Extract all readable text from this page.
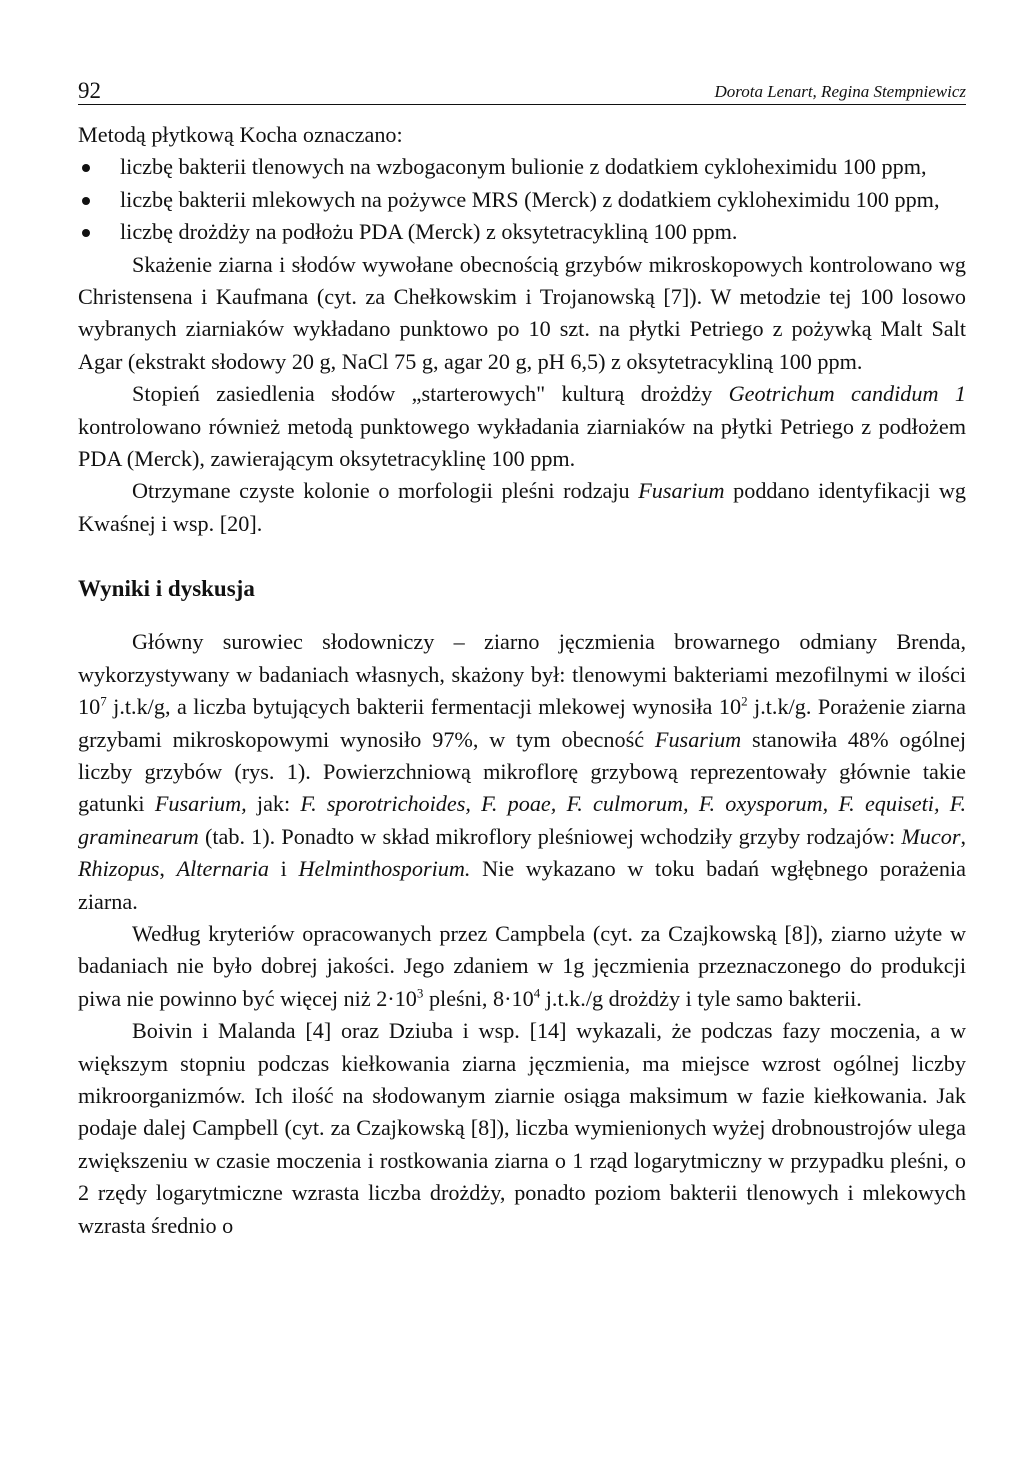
92	Dorota Lenart, Regina Stempniewicz

Metodą płytkową Kocha oznaczano:

liczbę bakterii tlenowych na wzbogaconym bulionie z dodatkiem cykloheximidu 100 ppm,
liczbę bakterii mlekowych na pożywce MRS (Merck) z dodatkiem cykloheximidu 100 ppm,
liczbę drożdży na podłożu PDA (Merck) z oksytetracykliną 100 ppm.

Skażenie ziarna i słodów wywołane obecnością grzybów mikroskopowych kontrolowano wg Christensena i Kaufmana (cyt. za Chełkowskim i Trojanowską [7]). W metodzie tej 100 losowo wybranych ziarniaków wykładano punktowo po 10 szt. na płytki Petriego z pożywką Malt Salt Agar (ekstrakt słodowy 20 g, NaCl 75 g, agar 20 g, pH 6,5) z oksytetracykliną 100 ppm.

Stopień zasiedlenia słodów „starterowych" kulturą drożdży Geotrichum candidum 1 kontrolowano również metodą punktowego wykładania ziarniaków na płytki Petriego z podłożem PDA (Merck), zawierającym oksytetracyklinę 100 ppm.

Otrzymane czyste kolonie o morfologii pleśni rodzaju Fusarium poddano identyfikacji wg Kwaśnej i wsp. [20].

Wyniki i dyskusja

Główny surowiec słodowniczy – ziarno jęczmienia browarnego odmiany Brenda, wykorzystywany w badaniach własnych, skażony był: tlenowymi bakteriami mezofilnymi w ilości $10^7$ j.t.k/g, a liczba bytujących bakterii fermentacji mlekowej wynosiła $10^2$ j.t.k/g. Porażenie ziarna grzybami mikroskopowymi wynosiło 97%, w tym obecność Fusarium stanowiła 48% ogólnej liczby grzybów (rys. 1). Powierzchniową mikroflorę grzybową reprezentowały głównie takie gatunki Fusarium, jak: F. sporotrichoides, F. poae, F. culmorum, F. oxysporum, F. equiseti, F. graminearum (tab. 1). Ponadto w skład mikroflory pleśniowej wchodziły grzyby rodzajów: Mucor, Rhizopus, Alternaria i Helminthosporium. Nie wykazano w toku badań wgłębnego porażenia ziarna.

Według kryteriów opracowanych przez Campbela (cyt. za Czajkowską [8]), ziarno użyte w badaniach nie było dobrej jakości. Jego zdaniem w 1g jęczmienia przeznaczonego do produkcji piwa nie powinno być więcej niż $2\cdot 10^3$ pleśni, $8\cdot 10^4$ j.t.k./g drożdży i tyle samo bakterii.

Boivin i Malanda [4] oraz Dziuba i wsp. [14] wykazali, że podczas fazy moczenia, a w większym stopniu podczas kiełkowania ziarna jęczmienia, ma miejsce wzrost ogólnej liczby mikroorganizmów. Ich ilość na słodowanym ziarnie osiąga maksimum w fazie kiełkowania. Jak podaje dalej Campbell (cyt. za Czajkowską [8]), liczba wymienionych wyżej drobnoustrojów ulega zwiększeniu w czasie moczenia i rostkowania ziarna o 1 rząd logarytmiczny w przypadku pleśni, o 2 rzędy logarytmiczne wzrasta liczba drożdży, ponadto poziom bakterii tlenowych i mlekowych wzrasta średnio o
